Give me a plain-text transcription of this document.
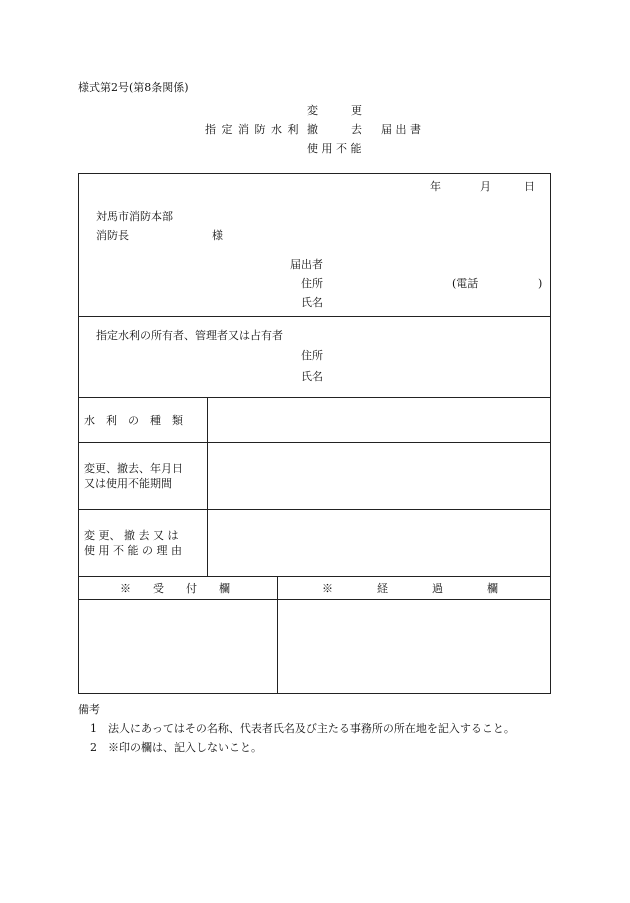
様式第2号(第8条関係)
変　　　更
指 定 消 防 水 利 撤　　　去 届 出 書
使 用 不 能
年	月	日
対馬市消防本部
消防長	様
届出者
住所	(電話	)
氏名
指定水利の所有者、管理者又は占有者
住所
氏名
水　利　の　種　類
変更、撤去、年月日
又は使用不能期間
変 更、 撤 去 又 は
使 用 不 能 の 理 由
※　　受　　付　　欄	※　　　　経　　　　過　　　　欄
備考
1 法人にあってはその名称、代表者氏名及び主たる事務所の所在地を記入すること。
2 ※印の欄は、記入しないこと。
